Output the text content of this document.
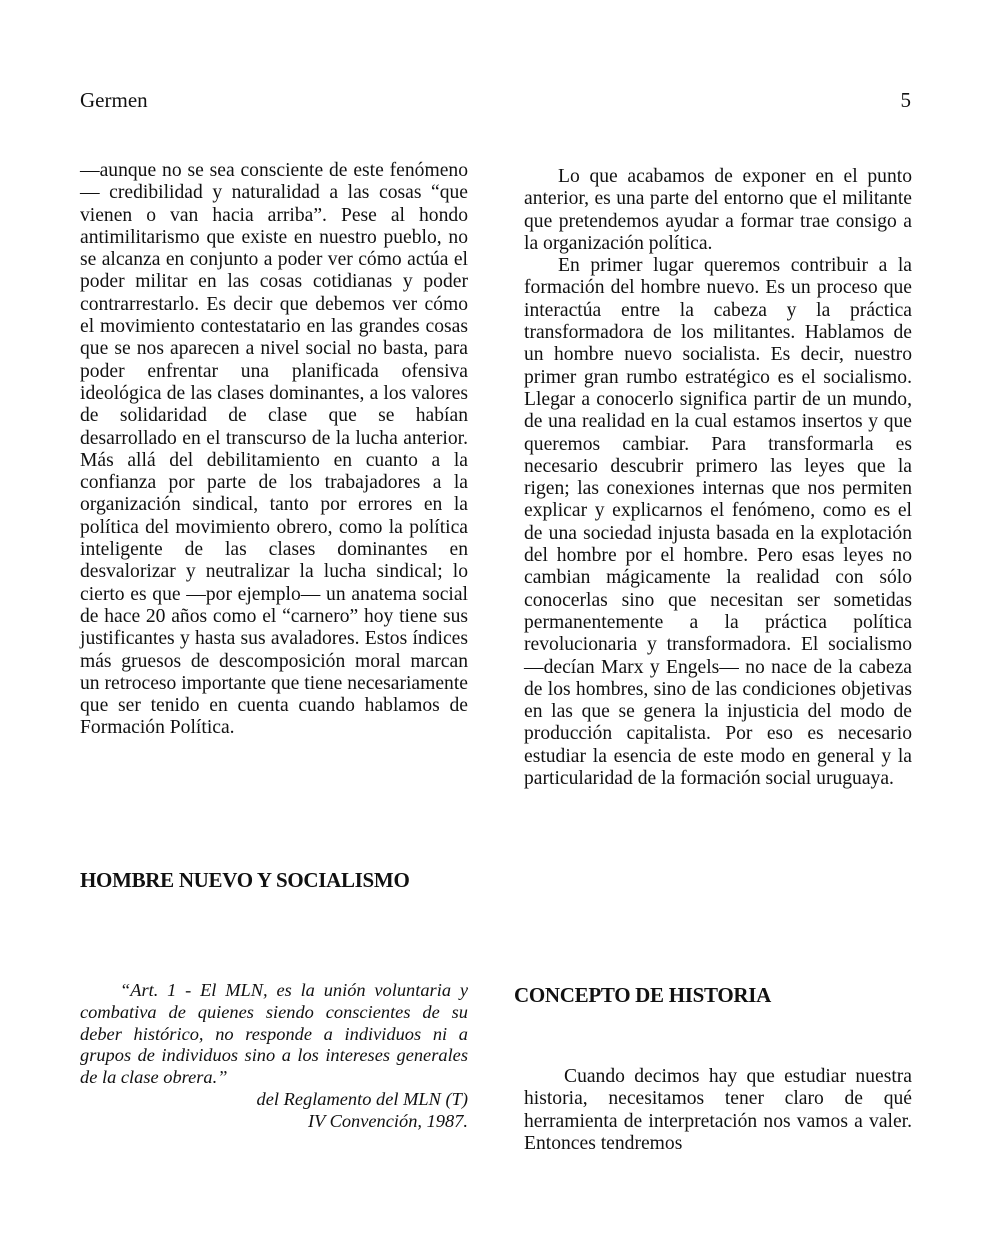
Germen	5

—aunque no se sea consciente de este fenómeno— credibilidad y naturalidad a las cosas “que vienen o van hacia arriba”. Pese al hondo antimilitarismo que existe en nuestro pueblo, no se alcanza en conjunto a poder ver cómo actúa el poder militar en las cosas cotidianas y poder contrarrestarlo. Es decir que debemos ver cómo el movimiento contestatario en las grandes cosas que se nos aparecen a nivel social no basta, para poder enfrentar una planificada ofensiva ideológica de las clases dominantes, a los valores de solidaridad de clase que se habían desarrollado en el transcurso de la lucha anterior. Más allá del debilitamiento en cuanto a la confianza por parte de los trabajadores a la organización sindical, tanto por errores en la política del movimiento obrero, como la política inteligente de las clases dominantes en desvalorizar y neutralizar la lucha sindical; lo cierto es que —por ejemplo— un anatema social de hace 20 años como el “carnero” hoy tiene sus justificantes y hasta sus avaladores. Estos índices más gruesos de descomposición moral marcan un retroceso importante que tiene necesariamente que ser tenido en cuenta cuando hablamos de Formación Política.

HOMBRE NUEVO Y SOCIALISMO

“Art. 1 - El MLN, es la unión voluntaria y combativa de quienes siendo conscientes de su deber histórico, no responde a individuos ni a grupos de individuos sino a los intereses generales de la clase obrera.”

del Reglamento del MLN (T)

IV Convención, 1987.

Lo que acabamos de exponer en el punto anterior, es una parte del entorno que el militante que pretendemos ayudar a formar trae consigo a la organización política.

En primer lugar queremos contribuir a la formación del hombre nuevo. Es un proceso que interactúa entre la cabeza y la práctica transformadora de los militantes. Hablamos de un hombre nuevo socialista. Es decir, nuestro primer gran rumbo estratégico es el socialismo. Llegar a conocerlo significa partir de un mundo, de una realidad en la cual estamos insertos y que queremos cambiar. Para transformarla es necesario descubrir primero las leyes que la rigen; las conexiones internas que nos permiten explicar y explicarnos el fenómeno, como es el de una sociedad injusta basada en la explotación del hombre por el hombre. Pero esas leyes no cambian mágicamente la realidad con sólo conocerlas sino que necesitan ser sometidas permanentemente a la práctica política revolucionaria y transformadora. El socialismo —decían Marx y Engels— no nace de la cabeza de los hombres, sino de las condiciones objetivas en las que se genera la injusticia del modo de producción capitalista. Por eso es necesario estudiar la esencia de este modo en general y la particularidad de la formación social uruguaya.

CONCEPTO DE HISTORIA

Cuando decimos hay que estudiar nuestra historia, necesitamos tener claro de qué herramienta de interpretación nos vamos a valer. Entonces tendremos
